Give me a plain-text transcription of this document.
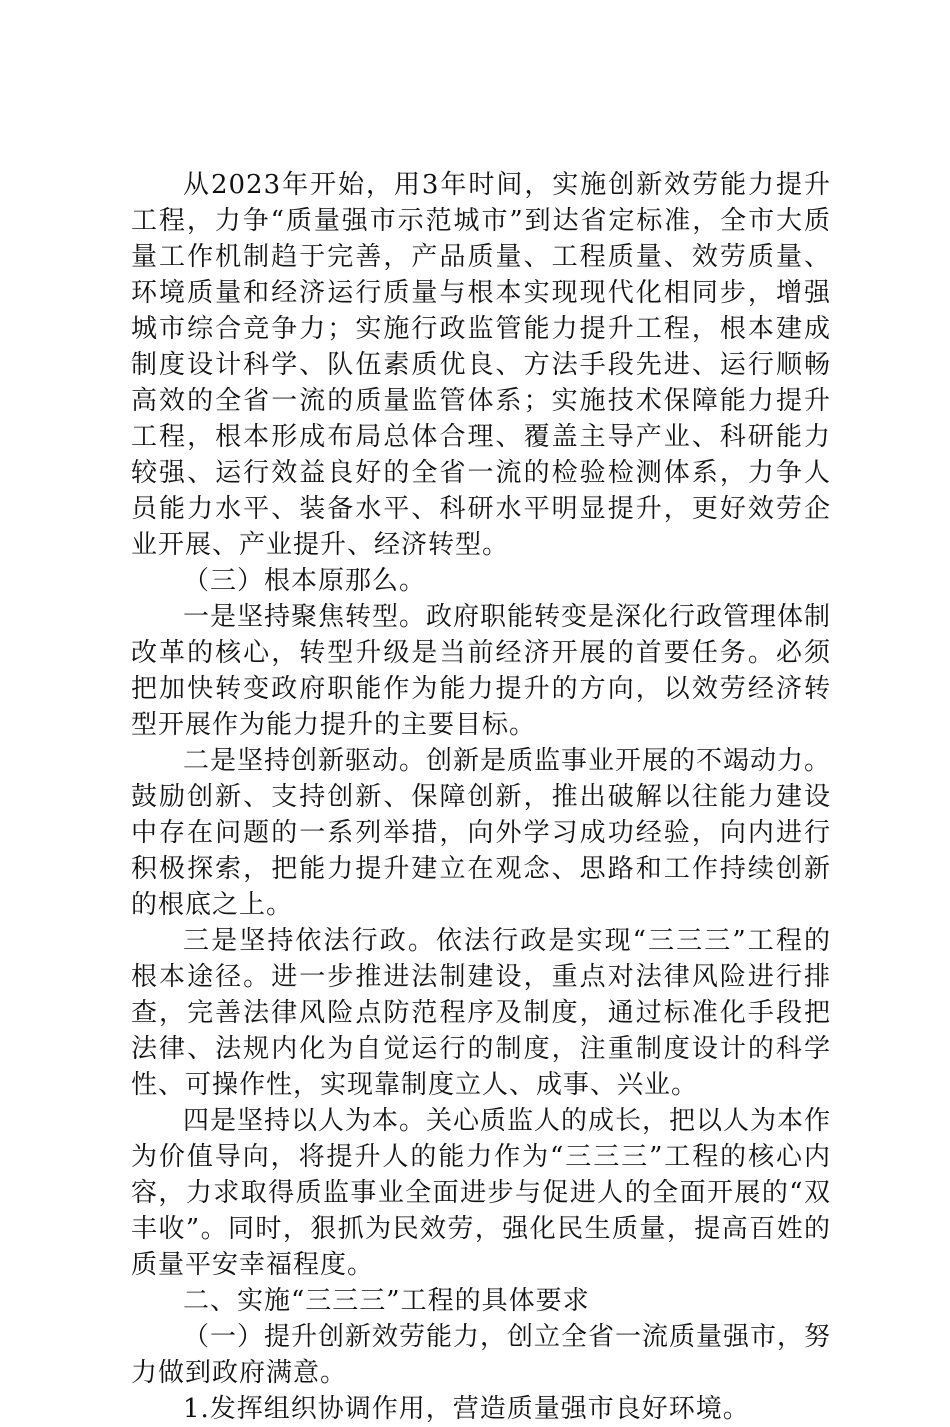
从2023年开始，用3年时间，实施创新效劳能力提升工程，力争“质量强市示范城市”到达省定标准，全市大质量工作机制趋于完善，产品质量、工程质量、效劳质量、环境质量和经济运行质量与根本实现现代化相同步，增强城市综合竞争力；实施行政监管能力提升工程，根本建成制度设计科学、队伍素质优良、方法手段先进、运行顺畅高效的全省一流的质量监管体系；实施技术保障能力提升工程，根本形成布局总体合理、覆盖主导产业、科研能力较强、运行效益良好的全省一流的检验检测体系，力争人员能力水平、装备水平、科研水平明显提升，更好效劳企业开展、产业提升、经济转型。

（三）根本原那么。

一是坚持聚焦转型。政府职能转变是深化行政管理体制改革的核心，转型升级是当前经济开展的首要任务。必须把加快转变政府职能作为能力提升的方向，以效劳经济转型开展作为能力提升的主要目标。

二是坚持创新驱动。创新是质监事业开展的不竭动力。鼓励创新、支持创新、保障创新，推出破解以往能力建设中存在问题的一系列举措，向外学习成功经验，向内进行积极探索，把能力提升建立在观念、思路和工作持续创新的根底之上。

三是坚持依法行政。依法行政是实现“三三三”工程的根本途径。进一步推进法制建设，重点对法律风险进行排查，完善法律风险点防范程序及制度，通过标准化手段把法律、法规内化为自觉运行的制度，注重制度设计的科学性、可操作性，实现靠制度立人、成事、兴业。

四是坚持以人为本。关心质监人的成长，把以人为本作为价值导向，将提升人的能力作为“三三三”工程的核心内容，力求取得质监事业全面进步与促进人的全面开展的“双丰收”。同时，狠抓为民效劳，强化民生质量，提高百姓的质量平安幸福程度。

二、实施“三三三”工程的具体要求

（一）提升创新效劳能力，创立全省一流质量强市，努力做到政府满意。

1.发挥组织协调作用，营造质量强市良好环境。
